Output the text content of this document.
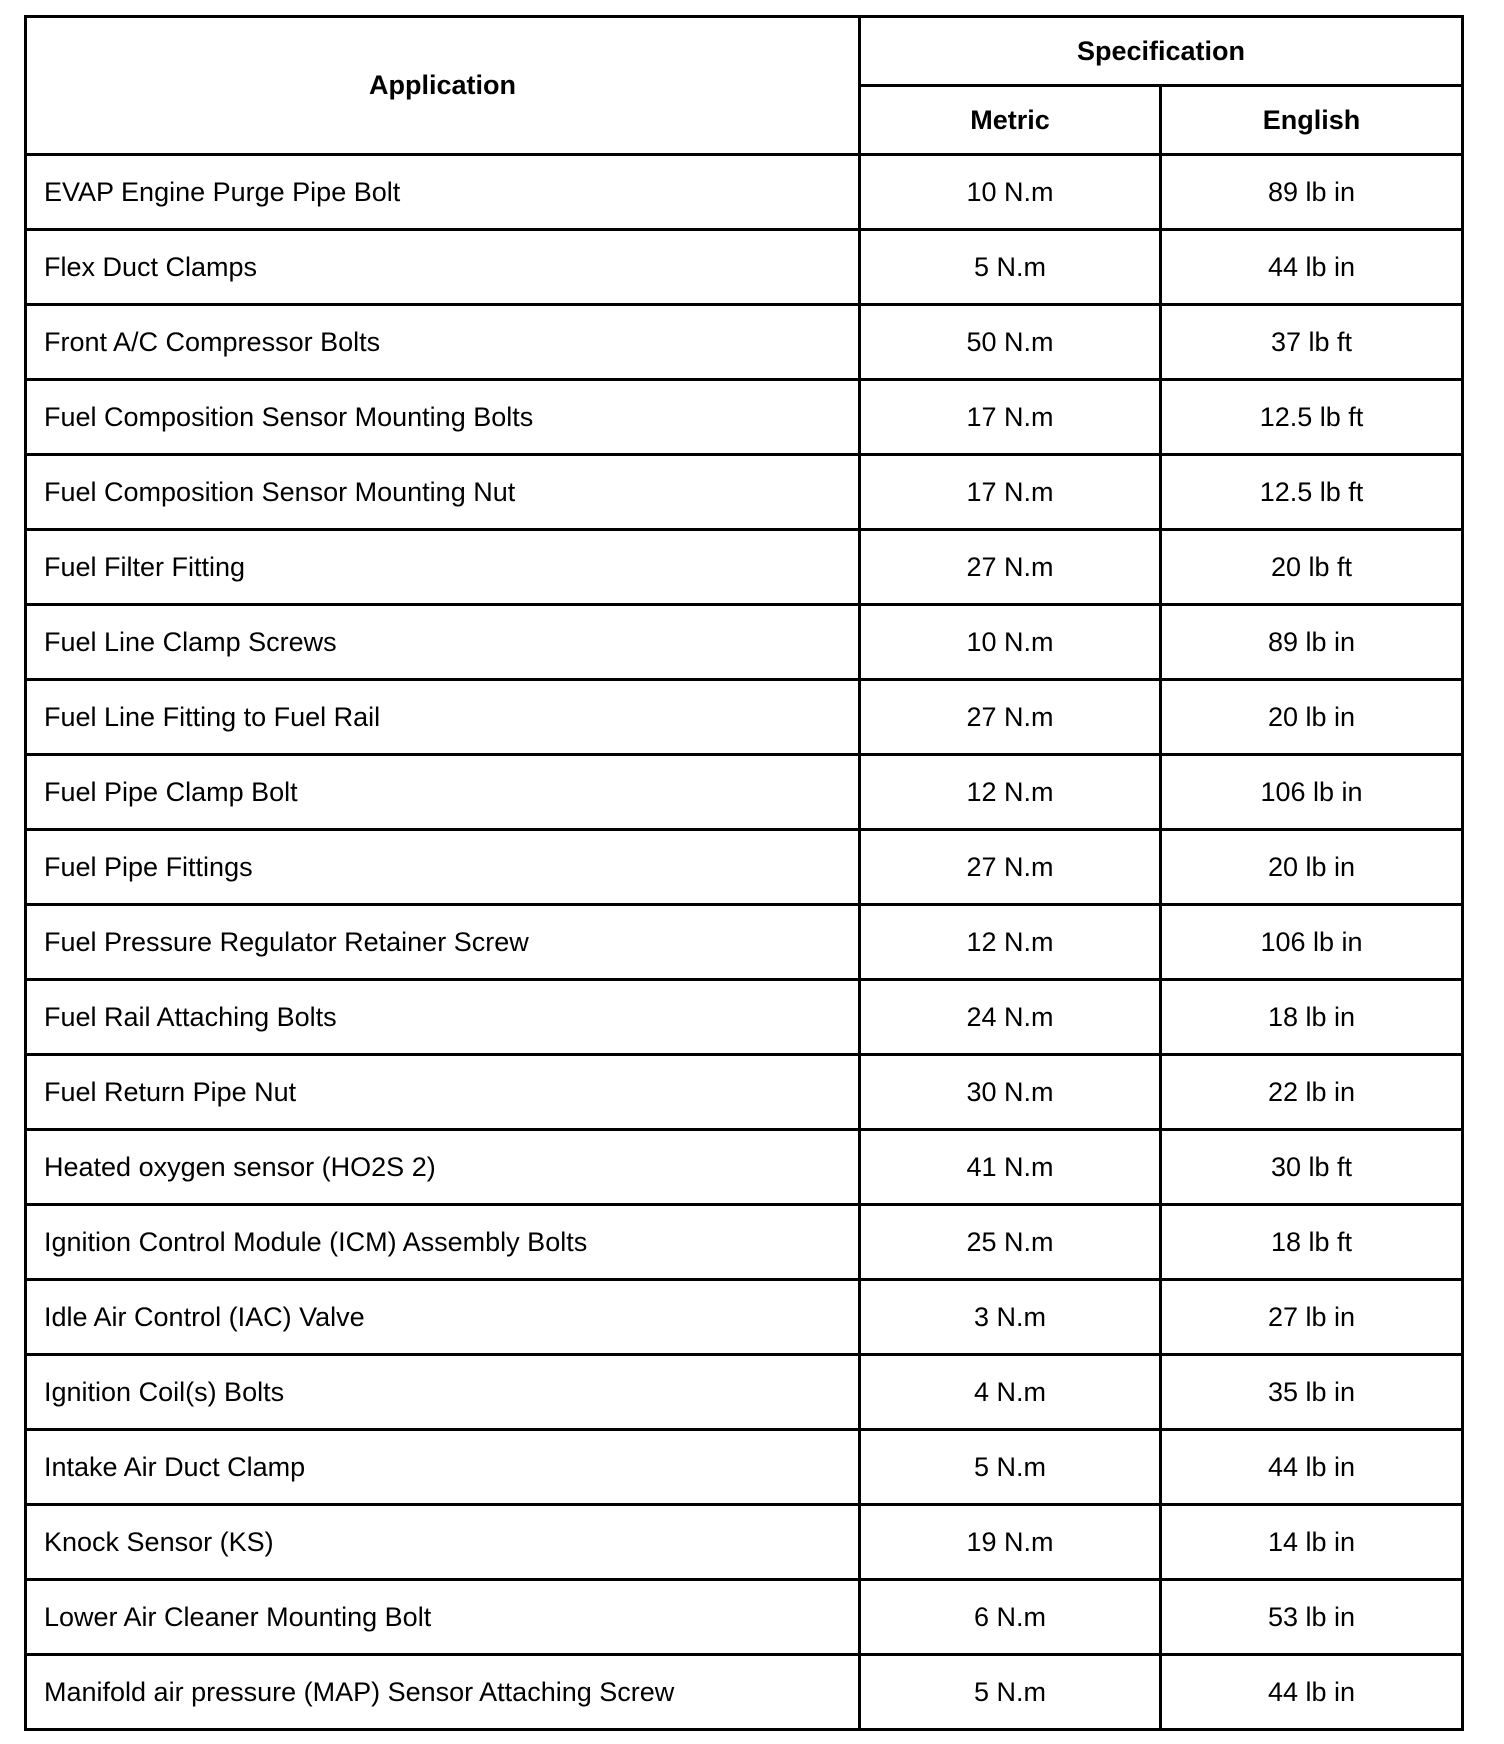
Application	Specification	
	Metric	English
EVAP Engine Purge Pipe Bolt	10 N.m	89 lb in
Flex Duct Clamps	5 N.m	44 lb in
Front A/C Compressor Bolts	50 N.m	37 lb ft
Fuel Composition Sensor Mounting Bolts	17 N.m	12.5 lb ft
Fuel Composition Sensor Mounting Nut	17 N.m	12.5 lb ft
Fuel Filter Fitting	27 N.m	20 lb ft
Fuel Line Clamp Screws	10 N.m	89 lb in
Fuel Line Fitting to Fuel Rail	27 N.m	20 lb in
Fuel Pipe Clamp Bolt	12 N.m	106 lb in
Fuel Pipe Fittings	27 N.m	20 lb in
Fuel Pressure Regulator Retainer Screw	12 N.m	106 lb in
Fuel Rail Attaching Bolts	24 N.m	18 lb in
Fuel Return Pipe Nut	30 N.m	22 lb in
Heated oxygen sensor (HO2S 2)	41 N.m	30 lb ft
Ignition Control Module (ICM) Assembly Bolts	25 N.m	18 lb ft
Idle Air Control (IAC) Valve	3 N.m	27 lb in
Ignition Coil(s) Bolts	4 N.m	35 lb in
Intake Air Duct Clamp	5 N.m	44 lb in
Knock Sensor (KS)	19 N.m	14 lb in
Lower Air Cleaner Mounting Bolt	6 N.m	53 lb in
Manifold air pressure (MAP) Sensor Attaching Screw	5 N.m	44 lb in
